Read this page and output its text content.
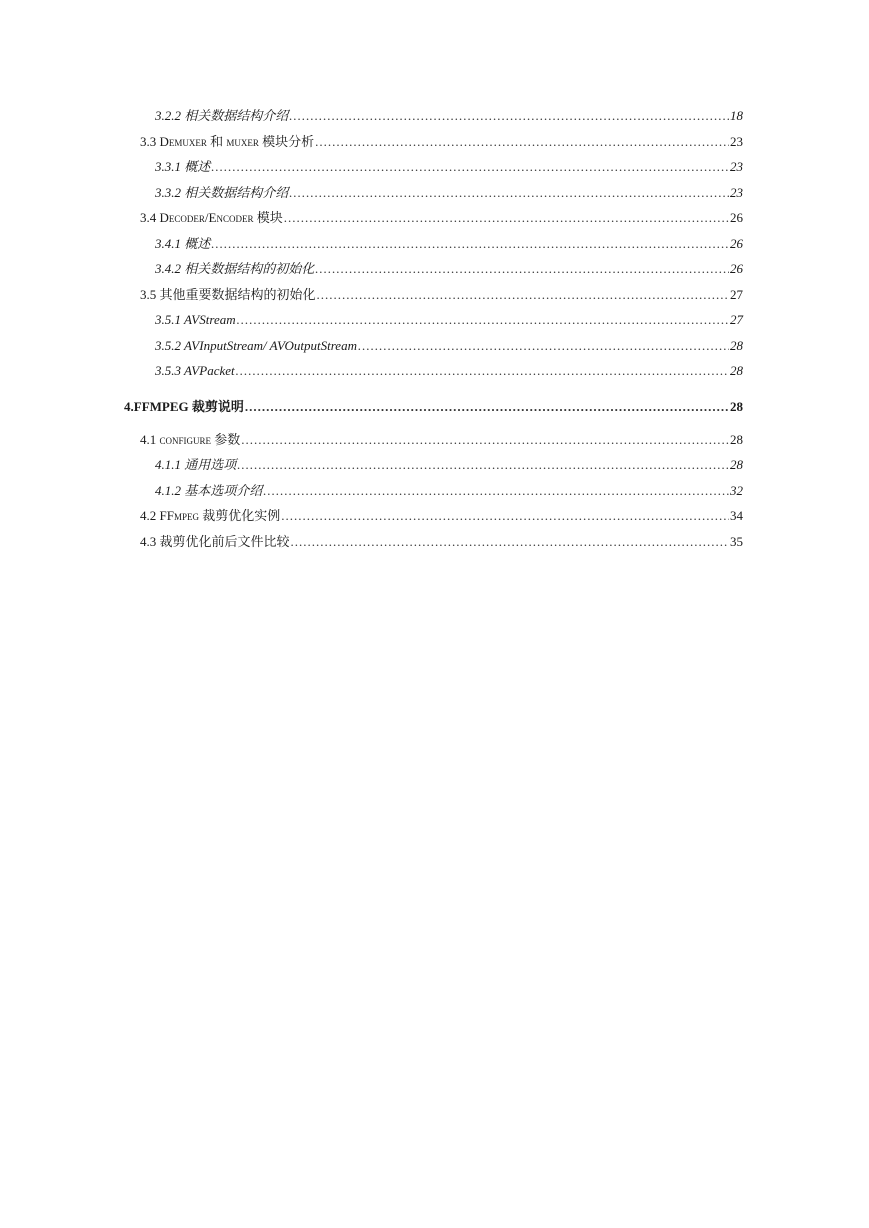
3.2.2 相关数据结构介绍 .....	18
3.3 Demuxer 和 muxer 模块分析 .....	23
3.3.1 概述 .....	23
3.3.2 相关数据结构介绍 .....	23
3.4 Decoder/Encoder 模块 .....	26
3.4.1 概述 .....	26
3.4.2 相关数据结构的初始化 .....	26
3.5 其他重要数据结构的初始化 .....	27
3.5.1 AVStream .....	27
3.5.2 AVInputStream/ AVOutputStream .....	28
3.5.3 AVPacket .....	28
4.FFMPEG 裁剪说明 .....	28
4.1 configure 参数 .....	28
4.1.1 通用选项 .....	28
4.1.2 基本选项介绍 .....	32
4.2 FFmpeg 裁剪优化实例 .....	34
4.3 裁剪优化前后文件比较 .....	35
